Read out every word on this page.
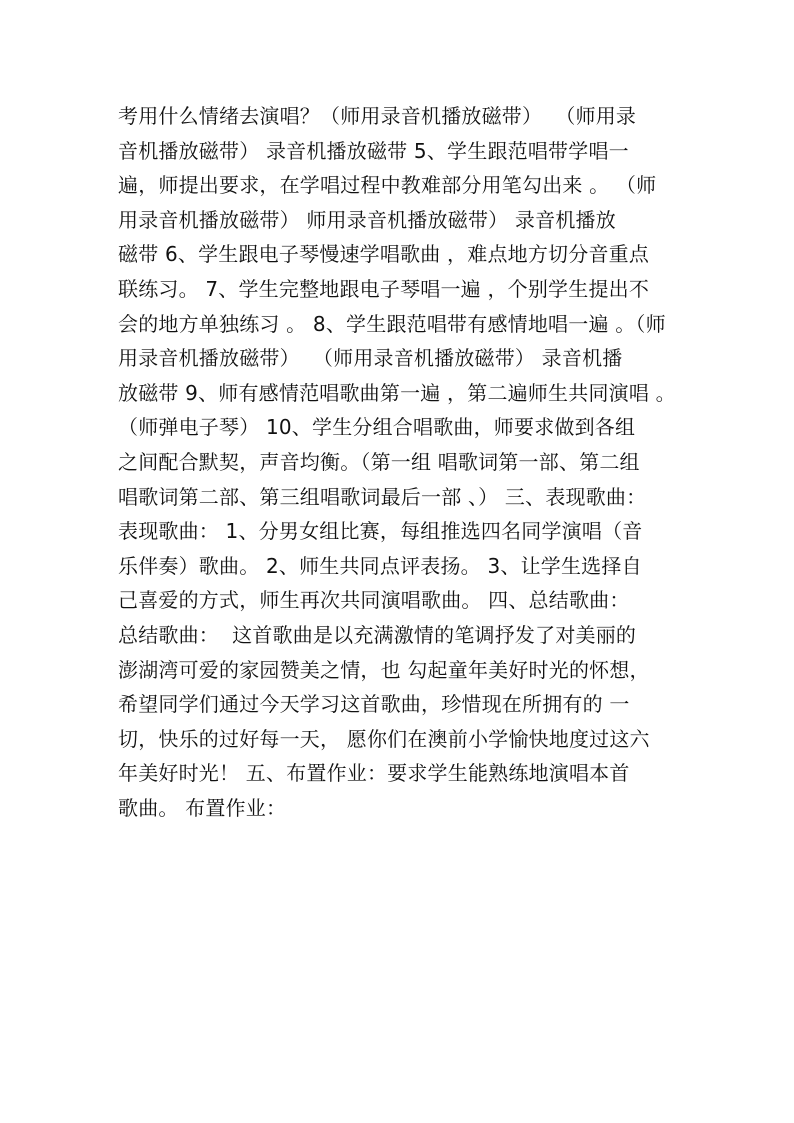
考用什么情绪去演唱？（师用录音机播放磁带）  （师用录
音机播放磁带） 录音机播放磁带 5、学生跟范唱带学唱一
遍，师提出要求，在学唱过程中教难部分用笔勾出来 。 （师
用录音机播放磁带） 师用录音机播放磁带） 录音机播放
磁带 6、学生跟电子琴慢速学唱歌曲 ，难点地方切分音重点
联练习。 7、学生完整地跟电子琴唱一遍 ，个别学生提出不
会的地方单独练习 。 8、学生跟范唱带有感情地唱一遍 。（师
用录音机播放磁带）  （师用录音机播放磁带） 录音机播
放磁带 9、师有感情范唱歌曲第一遍 ，第二遍师生共同演唱 。
（师弹电子琴） 10、学生分组合唱歌曲，师要求做到各组
之间配合默契，声音均衡。（第一组 唱歌词第一部、第二组
唱歌词第二部、第三组唱歌词最后一部 、） 三、表现歌曲：
表现歌曲： 1、分男女组比赛，每组推选四名同学演唱（音
乐伴奏）歌曲。 2、师生共同点评表扬。 3、让学生选择自
己喜爱的方式，师生再次共同演唱歌曲。 四、总结歌曲：
总结歌曲：  这首歌曲是以充满激情的笔调抒发了对美丽的
澎湖湾可爱的家园赞美之情，也 勾起童年美好时光的怀想，
希望同学们通过今天学习这首歌曲，珍惜现在所拥有的 一
切，快乐的过好每一天， 愿你们在澳前小学愉快地度过这六
年美好时光！ 五、布置作业：要求学生能熟练地演唱本首
歌曲。 布置作业：
